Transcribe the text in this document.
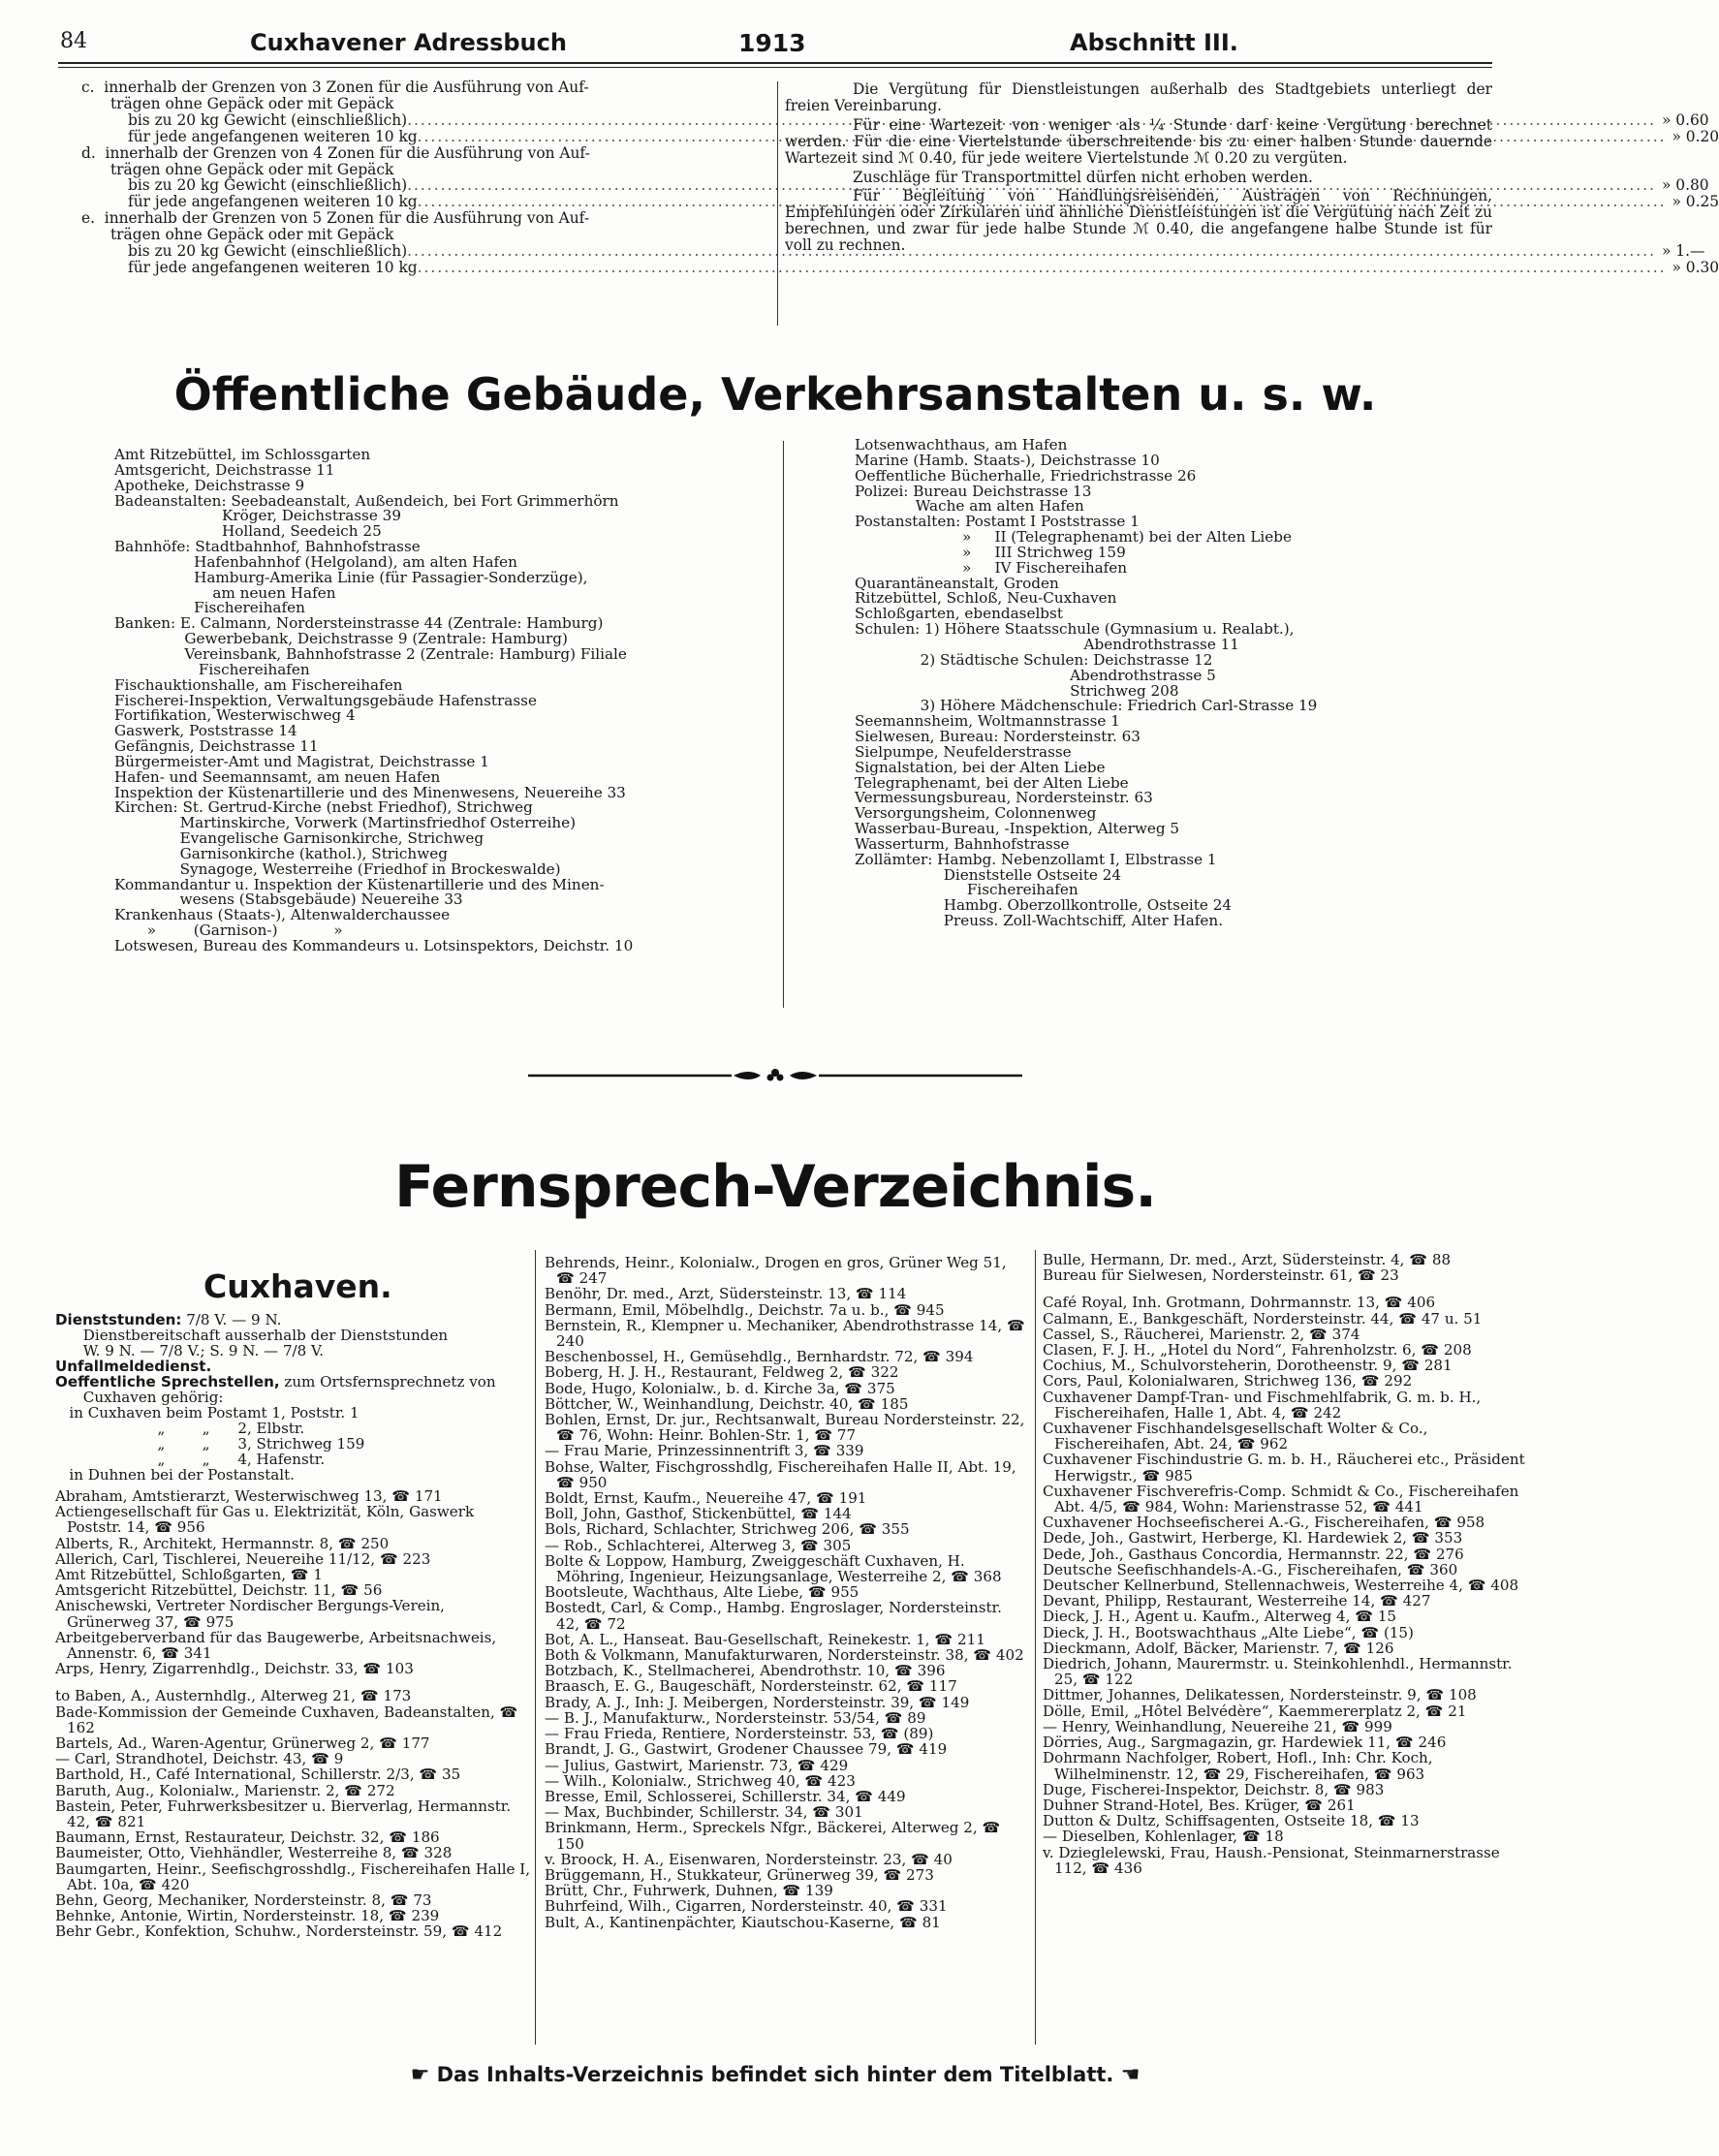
84	Cuxhavener Adressbuch	1913	Abschnitt III.
c.  innerhalb der Grenzen von 3 Zonen für die Ausführung von Auf-
trägen ohne Gepäck oder mit Gepäck
bis zu 20 kg Gewicht (einschließlich) .....	» 0.60
für jede angefangenen weiteren 10 kg .....	» 0.20
d.  innerhalb der Grenzen von 4 Zonen für die Ausführung von Auf-
trägen ohne Gepäck oder mit Gepäck
bis zu 20 kg Gewicht (einschließlich) .....	» 0.80
für jede angefangenen weiteren 10 kg .....	» 0.25
e.  innerhalb der Grenzen von 5 Zonen für die Ausführung von Auf-
trägen ohne Gepäck oder mit Gepäck
bis zu 20 kg Gewicht (einschließlich) .....	» 1.—
für jede angefangenen weiteren 10 kg .....	» 0.30
Die Vergütung für Dienstleistungen außerhalb des Stadtgebiets unterliegt der freien Vereinbarung.
Für eine Wartezeit von weniger als ¼ Stunde darf keine Vergütung berechnet werden. Für die eine Viertelstunde überschreitende bis zu einer halben Stunde dauernde Wartezeit sind ℳ 0.40, für jede weitere Viertelstunde ℳ 0.20 zu vergüten.
Zuschläge für Transportmittel dürfen nicht erhoben werden.
Für Begleitung von Handlungsreisenden, Austragen von Rechnungen, Empfehlungen oder Zirkularen und ähnliche Dienstleistungen ist die Vergütung nach Zeit zu berechnen, und zwar für jede halbe Stunde ℳ 0.40, die angefangene halbe Stunde ist für voll zu rechnen.
Öffentliche Gebäude, Verkehrsanstalten u. s. w.
Amt Ritzebüttel, im Schlossgarten
Amtsgericht, Deichstrasse 11
Apotheke, Deichstrasse 9
Badeanstalten: Seebadeanstalt, Außendeich, bei Fort Grimmerhörn
Kröger, Deichstrasse 39
Holland, Seedeich 25
Bahnhöfe: Stadtbahnhof, Bahnhofstrasse
Hafenbahnhof (Helgoland), am alten Hafen
Hamburg-Amerika Linie (für Passagier-Sonderzüge),
am neuen Hafen
Fischereihafen
Banken: E. Calmann, Nordersteinstrasse 44 (Zentrale: Hamburg)
Gewerbebank, Deichstrasse 9 (Zentrale: Hamburg)
Vereinsbank, Bahnhofstrasse 2 (Zentrale: Hamburg) Filiale
Fischereihafen
Fischauktionshalle, am Fischereihafen
Fischerei-Inspektion, Verwaltungsgebäude Hafenstrasse
Fortifikation, Westerwischweg 4
Gaswerk, Poststrasse 14
Gefängnis, Deichstrasse 11
Bürgermeister-Amt und Magistrat, Deichstrasse 1
Hafen- und Seemannsamt, am neuen Hafen
Inspektion der Küstenartillerie und des Minenwesens, Neuereihe 33
Kirchen: St. Gertrud-Kirche (nebst Friedhof), Strichweg
Martinskirche, Vorwerk (Martinsfriedhof Osterreihe)
Evangelische Garnisonkirche, Strichweg
Garnisonkirche (kathol.), Strichweg
Synagoge, Westerreihe (Friedhof in Brockeswalde)
Kommandantur u. Inspektion der Küstenartillerie und des Minen-
wesens (Stabsgebäude) Neuereihe 33
Krankenhaus (Staats-), Altenwalderchaussee
»        (Garnison-)            »
Lotswesen, Bureau des Kommandeurs u. Lotsinspektors, Deichstr. 10
Lotsenwachthaus, am Hafen
Marine (Hamb. Staats-), Deichstrasse 10
Oeffentliche Bücherhalle, Friedrichstrasse 26
Polizei: Bureau Deichstrasse 13
Wache am alten Hafen
Postanstalten: Postamt I Poststrasse 1
»     II (Telegraphenamt) bei der Alten Liebe
»     III Strichweg 159
»     IV Fischereihafen
Quarantäneanstalt, Groden
Ritzebüttel, Schloß, Neu-Cuxhaven
Schloßgarten, ebendaselbst
Schulen: 1) Höhere Staatsschule (Gymnasium u. Realabt.),
Abendrothstrasse 11
2) Städtische Schulen: Deichstrasse 12
Abendrothstrasse 5
Strichweg 208
3) Höhere Mädchenschule: Friedrich Carl-Strasse 19
Seemannsheim, Woltmannstrasse 1
Sielwesen, Bureau: Nordersteinstr. 63
Sielpumpe, Neufelderstrasse
Signalstation, bei der Alten Liebe
Telegraphenamt, bei der Alten Liebe
Vermessungsbureau, Nordersteinstr. 63
Versorgungsheim, Colonnenweg
Wasserbau-Bureau, -Inspektion, Alterweg 5
Wasserturm, Bahnhofstrasse
Zollämter: Hambg. Nebenzollamt I, Elbstrasse 1
Dienststelle Ostseite 24
Fischereihafen
Hambg. Oberzollkontrolle, Ostseite 24
Preuss. Zoll-Wachtschiff, Alter Hafen.
Fernsprech-Verzeichnis.
Cuxhaven.
Dienststunden: 7/8 V. — 9 N.
Dienstbereitschaft ausserhalb der Dienststunden
W. 9 N. — 7/8 V.; S. 9 N. — 7/8 V.
Unfallmeldedienst.
Oeffentliche Sprechstellen, zum Ortsfernsprechnetz von
Cuxhaven gehörig:
in Cuxhaven beim Postamt 1, Poststr. 1
„        „      2, Elbstr.
„        „      3, Strichweg 159
„        „      4, Hafenstr.
in Duhnen bei der Postanstalt.
Abraham, Amtstierarzt, Westerwischweg 13, ☎ 171
Actiengesellschaft für Gas u. Elektrizität, Köln, Gaswerk Poststr. 14, ☎ 956
Alberts, R., Architekt, Hermannstr. 8, ☎ 250
Allerich, Carl, Tischlerei, Neuereihe 11/12, ☎ 223
Amt Ritzebüttel, Schloßgarten, ☎ 1
Amtsgericht Ritzebüttel, Deichstr. 11, ☎ 56
Anischewski, Vertreter Nordischer Bergungs-Verein, Grünerweg 37, ☎ 975
Arbeitgeberverband für das Baugewerbe, Arbeitsnachweis, Annenstr. 6, ☎ 341
Arps, Henry, Zigarrenhdlg., Deichstr. 33, ☎ 103
to Baben, A., Austernhdlg., Alterweg 21, ☎ 173
Bade-Kommission der Gemeinde Cuxhaven, Badeanstalten, ☎ 162
Bartels, Ad., Waren-Agentur, Grünerweg 2, ☎ 177
— Carl, Strandhotel, Deichstr. 43, ☎ 9
Barthold, H., Café International, Schillerstr. 2/3, ☎ 35
Baruth, Aug., Kolonialw., Marienstr. 2, ☎ 272
Bastein, Peter, Fuhrwerksbesitzer u. Bierverlag, Hermannstr. 42, ☎ 821
Baumann, Ernst, Restaurateur, Deichstr. 32, ☎ 186
Baumeister, Otto, Viehhändler, Westerreihe 8, ☎ 328
Baumgarten, Heinr., Seefischgrosshdlg., Fischereihafen Halle I, Abt. 10a, ☎ 420
Behn, Georg, Mechaniker, Nordersteinstr. 8, ☎ 73
Behnke, Antonie, Wirtin, Nordersteinstr. 18, ☎ 239
Behr Gebr., Konfektion, Schuhw., Nordersteinstr. 59, ☎ 412
Behrends, Heinr., Kolonialw., Drogen en gros, Grüner Weg 51, ☎ 247
Benöhr, Dr. med., Arzt, Südersteinstr. 13, ☎ 114
Bermann, Emil, Möbelhdlg., Deichstr. 7a u. b., ☎ 945
Bernstein, R., Klempner u. Mechaniker, Abendrothstrasse 14, ☎ 240
Beschenbossel, H., Gemüsehdlg., Bernhardstr. 72, ☎ 394
Boberg, H. J. H., Restaurant, Feldweg 2, ☎ 322
Bode, Hugo, Kolonialw., b. d. Kirche 3a, ☎ 375
Böttcher, W., Weinhandlung, Deichstr. 40, ☎ 185
Bohlen, Ernst, Dr. jur., Rechtsanwalt, Bureau Nordersteinstr. 22, ☎ 76, Wohn: Heinr. Bohlen-Str. 1, ☎ 77
— Frau Marie, Prinzessinnentrift 3, ☎ 339
Bohse, Walter, Fischgrosshdlg, Fischereihafen Halle II, Abt. 19, ☎ 950
Boldt, Ernst, Kaufm., Neuereihe 47, ☎ 191
Boll, John, Gasthof, Stickenbüttel, ☎ 144
Bols, Richard, Schlachter, Strichweg 206, ☎ 355
— Rob., Schlachterei, Alterweg 3, ☎ 305
Bolte & Loppow, Hamburg, Zweiggeschäft Cuxhaven, H. Möhring, Ingenieur, Heizungsanlage, Westerreihe 2, ☎ 368
Bootsleute, Wachthaus, Alte Liebe, ☎ 955
Bostedt, Carl, & Comp., Hambg. Engroslager, Nordersteinstr. 42, ☎ 72
Bot, A. L., Hanseat. Bau-Gesellschaft, Reinekestr. 1, ☎ 211
Both & Volkmann, Manufakturwaren, Nordersteinstr. 38, ☎ 402
Botzbach, K., Stellmacherei, Abendrothstr. 10, ☎ 396
Braasch, E. G., Baugeschäft, Nordersteinstr. 62, ☎ 117
Brady, A. J., Inh: J. Meibergen, Nordersteinstr. 39, ☎ 149
— B. J., Manufakturw., Nordersteinstr. 53/54, ☎ 89
— Frau Frieda, Rentiere, Nordersteinstr. 53, ☎ (89)
Brandt, J. G., Gastwirt, Grodener Chaussee 79, ☎ 419
— Julius, Gastwirt, Marienstr. 73, ☎ 429
— Wilh., Kolonialw., Strichweg 40, ☎ 423
Bresse, Emil, Schlosserei, Schillerstr. 34, ☎ 449
— Max, Buchbinder, Schillerstr. 34, ☎ 301
Brinkmann, Herm., Spreckels Nfgr., Bäckerei, Alterweg 2, ☎ 150
v. Broock, H. A., Eisenwaren, Nordersteinstr. 23, ☎ 40
Brüggemann, H., Stukkateur, Grünerweg 39, ☎ 273
Brütt, Chr., Fuhrwerk, Duhnen, ☎ 139
Buhrfeind, Wilh., Cigarren, Nordersteinstr. 40, ☎ 331
Bult, A., Kantinenpächter, Kiautschou-Kaserne, ☎ 81
Bulle, Hermann, Dr. med., Arzt, Südersteinstr. 4, ☎ 88
Bureau für Sielwesen, Nordersteinstr. 61, ☎ 23
Café Royal, Inh. Grotmann, Dohrmannstr. 13, ☎ 406
Calmann, E., Bankgeschäft, Nordersteinstr. 44, ☎ 47 u. 51
Cassel, S., Räucherei, Marienstr. 2, ☎ 374
Clasen, F. J. H., „Hotel du Nord“, Fahrenholzstr. 6, ☎ 208
Cochius, M., Schulvorsteherin, Dorotheenstr. 9, ☎ 281
Cors, Paul, Kolonialwaren, Strichweg 136, ☎ 292
Cuxhavener Dampf-Tran- und Fischmehlfabrik, G. m. b. H., Fischereihafen, Halle 1, Abt. 4, ☎ 242
Cuxhavener Fischhandelsgesellschaft Wolter & Co., Fischereihafen, Abt. 24, ☎ 962
Cuxhavener Fischindustrie G. m. b. H., Räucherei etc., Präsident Herwigstr., ☎ 985
Cuxhavener Fischverefris-Comp. Schmidt & Co., Fischereihafen Abt. 4/5, ☎ 984, Wohn: Marienstrasse 52, ☎ 441
Cuxhavener Hochseefischerei A.-G., Fischereihafen, ☎ 958
Dede, Joh., Gastwirt, Herberge, Kl. Hardewiek 2, ☎ 353
Dede, Joh., Gasthaus Concordia, Hermannstr. 22, ☎ 276
Deutsche Seefischhandels-A.-G., Fischereihafen, ☎ 360
Deutscher Kellnerbund, Stellennachweis, Westerreihe 4, ☎ 408
Devant, Philipp, Restaurant, Westerreihe 14, ☎ 427
Dieck, J. H., Agent u. Kaufm., Alterweg 4, ☎ 15
Dieck, J. H., Bootswachthaus „Alte Liebe“, ☎ (15)
Dieckmann, Adolf, Bäcker, Marienstr. 7, ☎ 126
Diedrich, Johann, Maurermstr. u. Steinkohlenhdl., Hermannstr. 25, ☎ 122
Dittmer, Johannes, Delikatessen, Nordersteinstr. 9, ☎ 108
Dölle, Emil, „Hôtel Belvédère“, Kaemmererplatz 2, ☎ 21
— Henry, Weinhandlung, Neuereihe 21, ☎ 999
Dörries, Aug., Sargmagazin, gr. Hardewiek 11, ☎ 246
Dohrmann Nachfolger, Robert, Hofl., Inh: Chr. Koch, Wilhelminenstr. 12, ☎ 29, Fischereihafen, ☎ 963
Duge, Fischerei-Inspektor, Deichstr. 8, ☎ 983
Duhner Strand-Hotel, Bes. Krüger, ☎ 261
Dutton & Dultz, Schiffsagenten, Ostseite 18, ☎ 13
— Dieselben, Kohlenlager, ☎ 18
v. Dzieglelewski, Frau, Haush.-Pensionat, Steinmarnerstrasse 112, ☎ 436
☛ Das Inhalts-Verzeichnis befindet sich hinter dem Titelblatt. ☚
